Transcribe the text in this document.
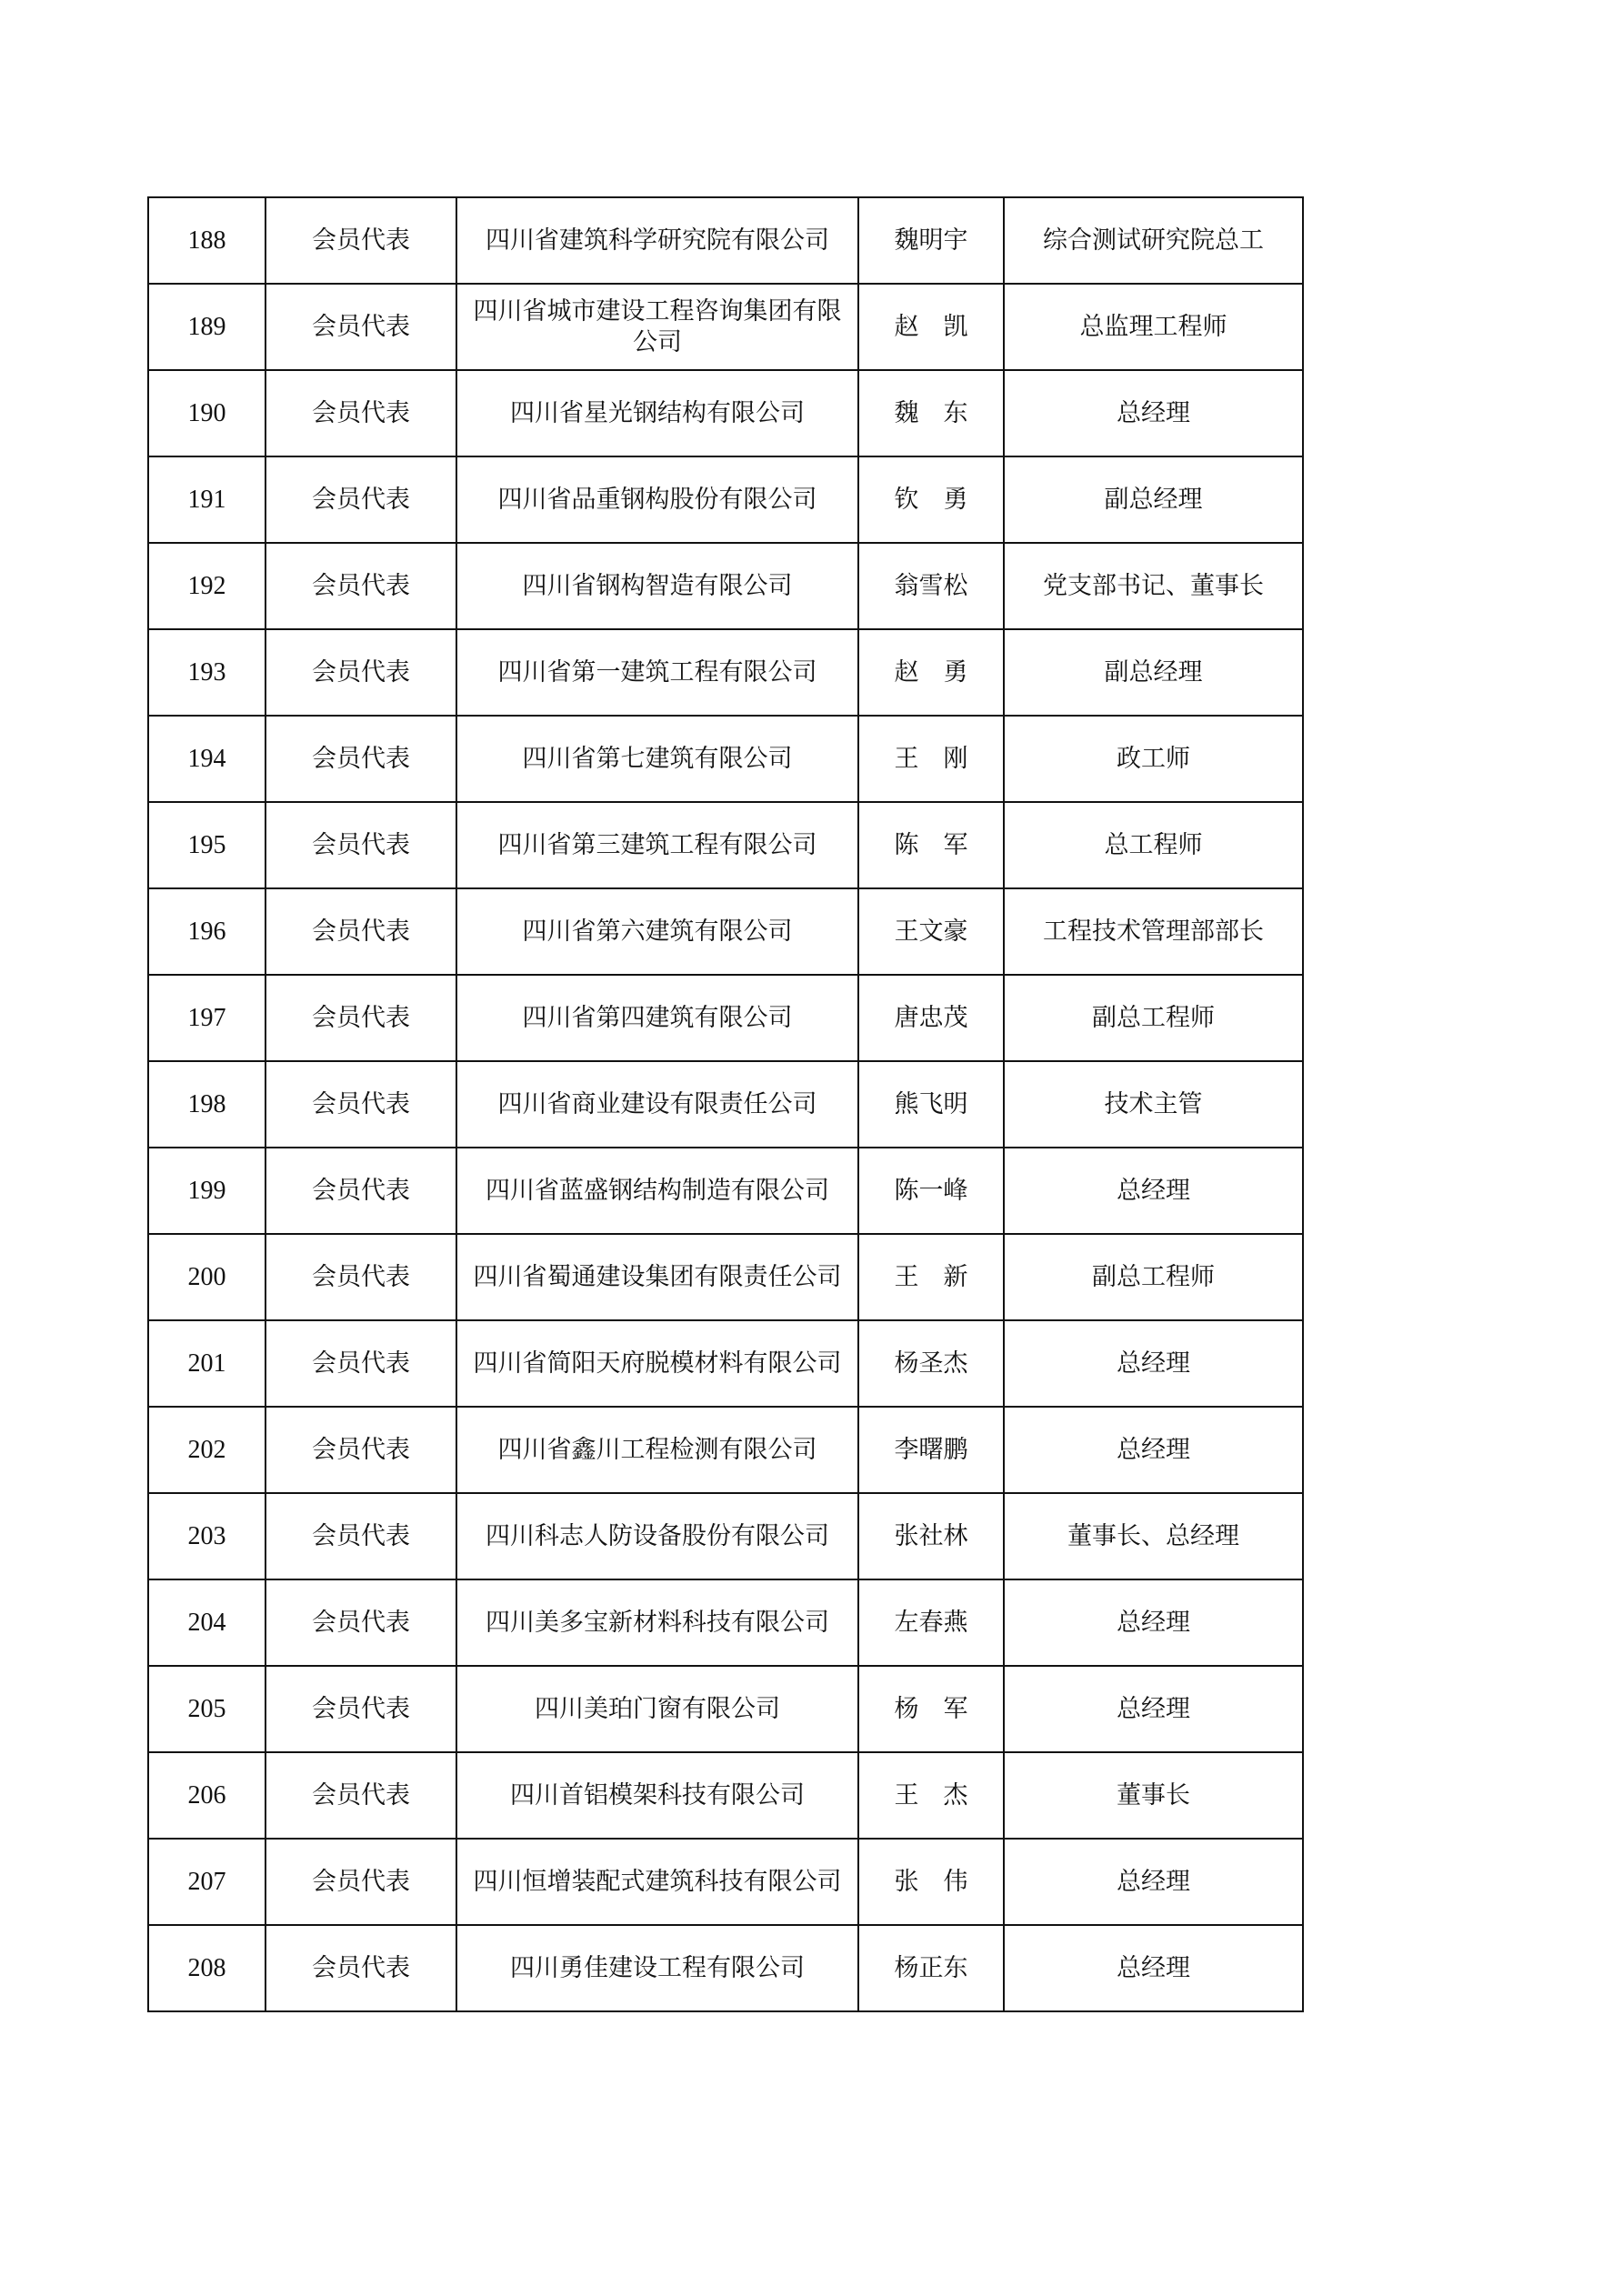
188	会员代表	四川省建筑科学研究院有限公司	魏明宇	综合测试研究院总工
189	会员代表	四川省城市建设工程咨询集团有限公司	赵　凯	总监理工程师
190	会员代表	四川省星光钢结构有限公司	魏　东	总经理
191	会员代表	四川省品重钢构股份有限公司	钦　勇	副总经理
192	会员代表	四川省钢构智造有限公司	翁雪松	党支部书记、董事长
193	会员代表	四川省第一建筑工程有限公司	赵　勇	副总经理
194	会员代表	四川省第七建筑有限公司	王　刚	政工师
195	会员代表	四川省第三建筑工程有限公司	陈　军	总工程师
196	会员代表	四川省第六建筑有限公司	王文豪	工程技术管理部部长
197	会员代表	四川省第四建筑有限公司	唐忠茂	副总工程师
198	会员代表	四川省商业建设有限责任公司	熊飞明	技术主管
199	会员代表	四川省蓝盛钢结构制造有限公司	陈一峰	总经理
200	会员代表	四川省蜀通建设集团有限责任公司	王　新	副总工程师
201	会员代表	四川省简阳天府脱模材料有限公司	杨圣杰	总经理
202	会员代表	四川省鑫川工程检测有限公司	李曙鹏	总经理
203	会员代表	四川科志人防设备股份有限公司	张社林	董事长、总经理
204	会员代表	四川美多宝新材料科技有限公司	左春燕	总经理
205	会员代表	四川美珀门窗有限公司	杨　军	总经理
206	会员代表	四川首铝模架科技有限公司	王　杰	董事长
207	会员代表	四川恒增装配式建筑科技有限公司	张　伟	总经理
208	会员代表	四川勇佳建设工程有限公司	杨正东	总经理
